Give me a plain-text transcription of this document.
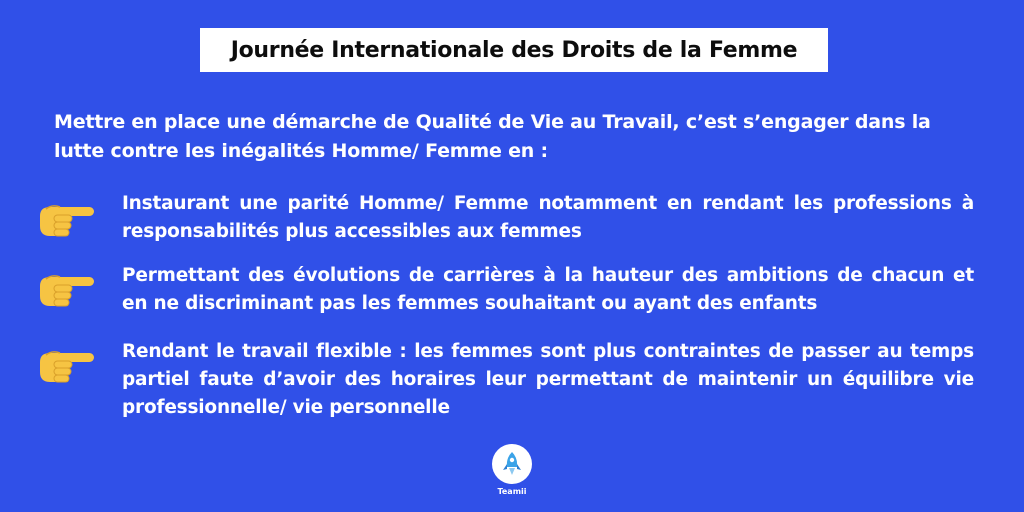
Journée Internationale des Droits de la Femme
Mettre en place une démarche de Qualité de Vie au Travail, c’est s’engager dans la lutte contre les inégalités Homme/ Femme en :
Instaurant une parité Homme/ Femme notamment en rendant les professions à responsabilités plus accessibles aux femmes
Permettant des évolutions de carrières à la hauteur des ambitions de chacun et en ne discriminant pas les femmes souhaitant ou ayant des enfants
Rendant le travail flexible : les femmes sont plus contraintes de passer au temps partiel faute d’avoir des horaires leur permettant de maintenir un équilibre vie professionnelle/ vie personnelle
Teamii
